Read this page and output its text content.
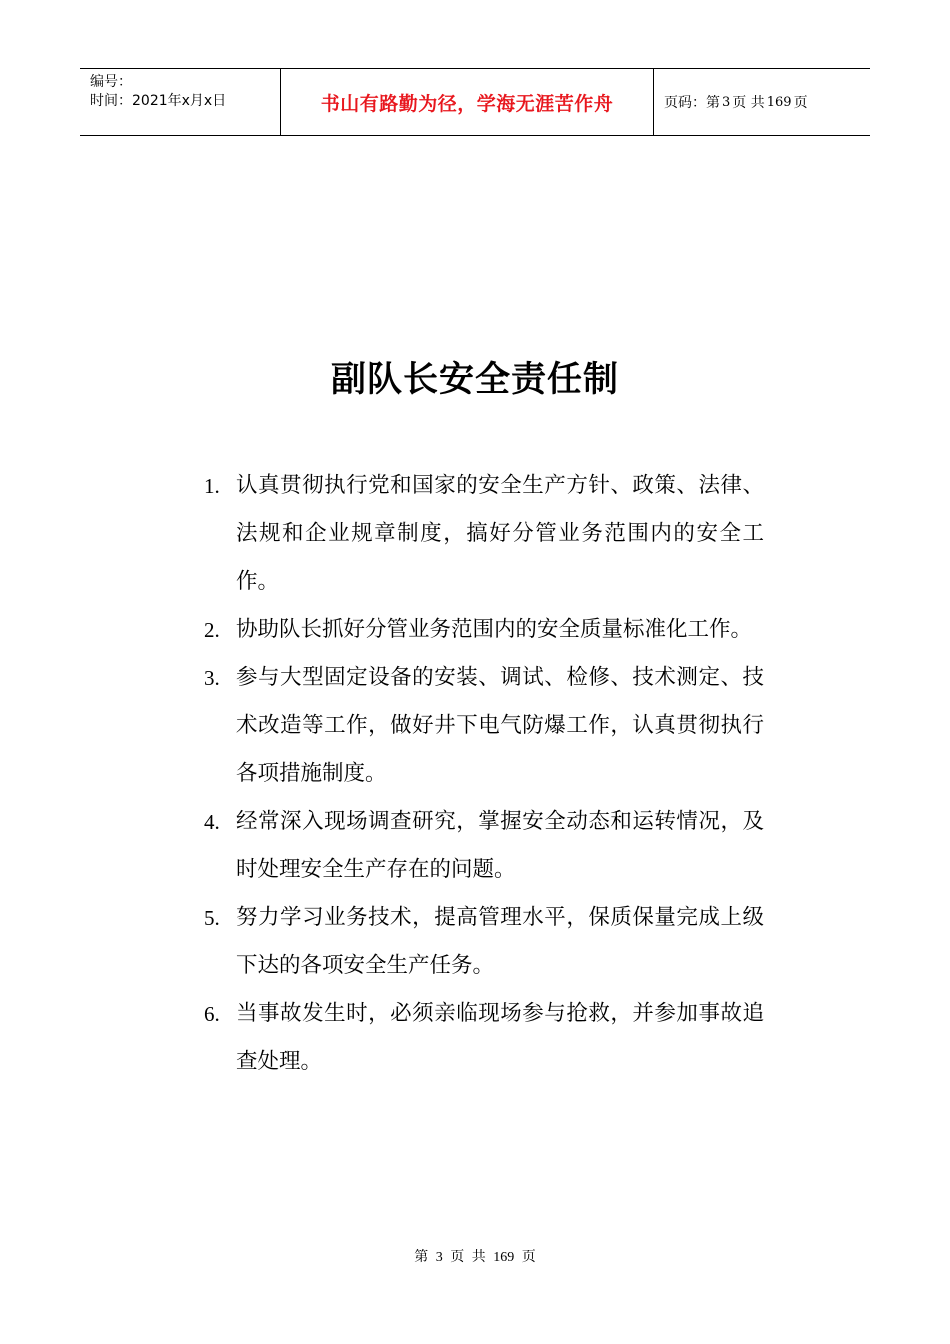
编号：
时间：2021年x月x日	书山有路勤为径，学海无涯苦作舟	页码：第 3 页 共 169 页
副队长安全责任制
1. 认真贯彻执行党和国家的安全生产方针、政策、法律、法规和企业规章制度，搞好分管业务范围内的安全工作。
2. 协助队长抓好分管业务范围内的安全质量标准化工作。
3. 参与大型固定设备的安装、调试、检修、技术测定、技术改造等工作，做好井下电气防爆工作，认真贯彻执行各项措施制度。
4. 经常深入现场调查研究，掌握安全动态和运转情况，及时处理安全生产存在的问题。
5. 努力学习业务技术，提高管理水平，保质保量完成上级下达的各项安全生产任务。
6. 当事故发生时，必须亲临现场参与抢救，并参加事故追查处理。
第 3 页 共 169 页
